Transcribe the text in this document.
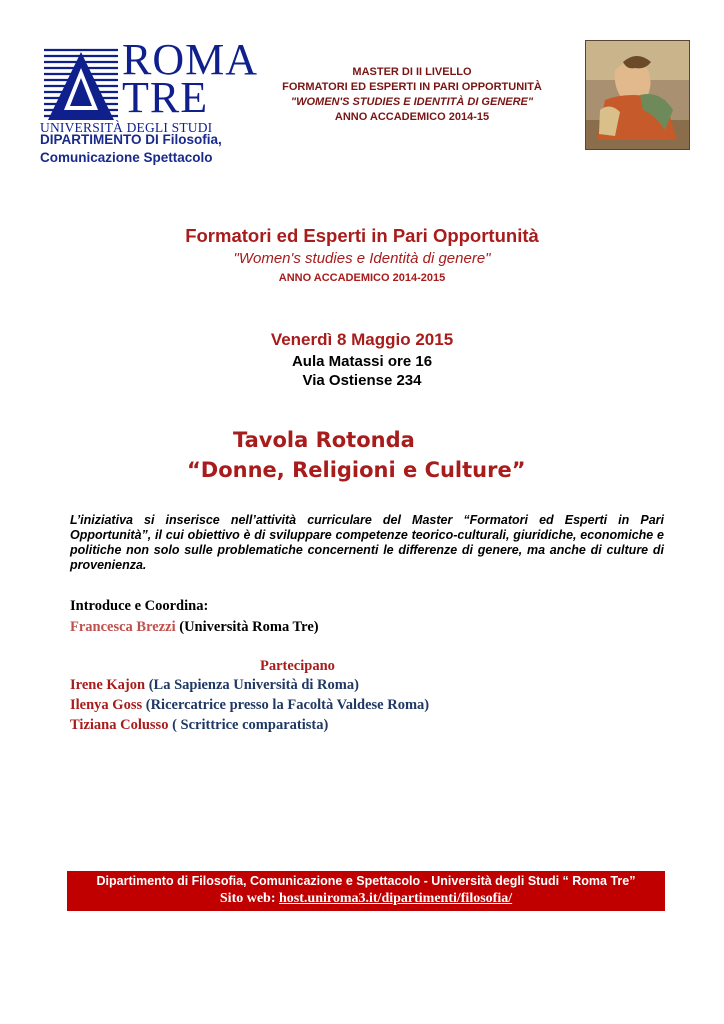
ROMA
TRE
UNIVERSITÀ DEGLI STUDI
DIPARTIMENTO DI Filosofia,
Comunicazione Spettacolo
MASTER DI II LIVELLO
FORMATORI ED ESPERTI IN PARI OPPORTUNITÀ
"WOMEN'S STUDIES E IDENTITÀ DI GENERE"
ANNO ACCADEMICO 2014-15
Formatori ed Esperti in Pari Opportunità
"Women's studies e Identità di genere"
ANNO ACCADEMICO 2014-2015
Venerdì 8 Maggio 2015
Aula Matassi ore 16
Via Ostiense 234
Tavola Rotonda
“Donne, Religioni e Culture”
L’iniziativa si inserisce nell’attività curriculare del Master “Formatori ed Esperti in Pari Opportunità”, il cui obiettivo è di sviluppare competenze teorico-culturali, giuridiche, economiche e politiche non solo sulle problematiche concernenti le differenze di genere, ma anche di culture di provenienza.
Introduce e Coordina:
Francesca Brezzi (Università Roma Tre)
Partecipano
Irene Kajon (La Sapienza Università di Roma)
Ilenya Goss (Ricercatrice presso la Facoltà Valdese Roma)
Tiziana Colusso ( Scrittrice comparatista)
Dipartimento di Filosofia, Comunicazione e Spettacolo - Università degli Studi “ Roma Tre”
Sito web: host.uniroma3.it/dipartimenti/filosofia/
